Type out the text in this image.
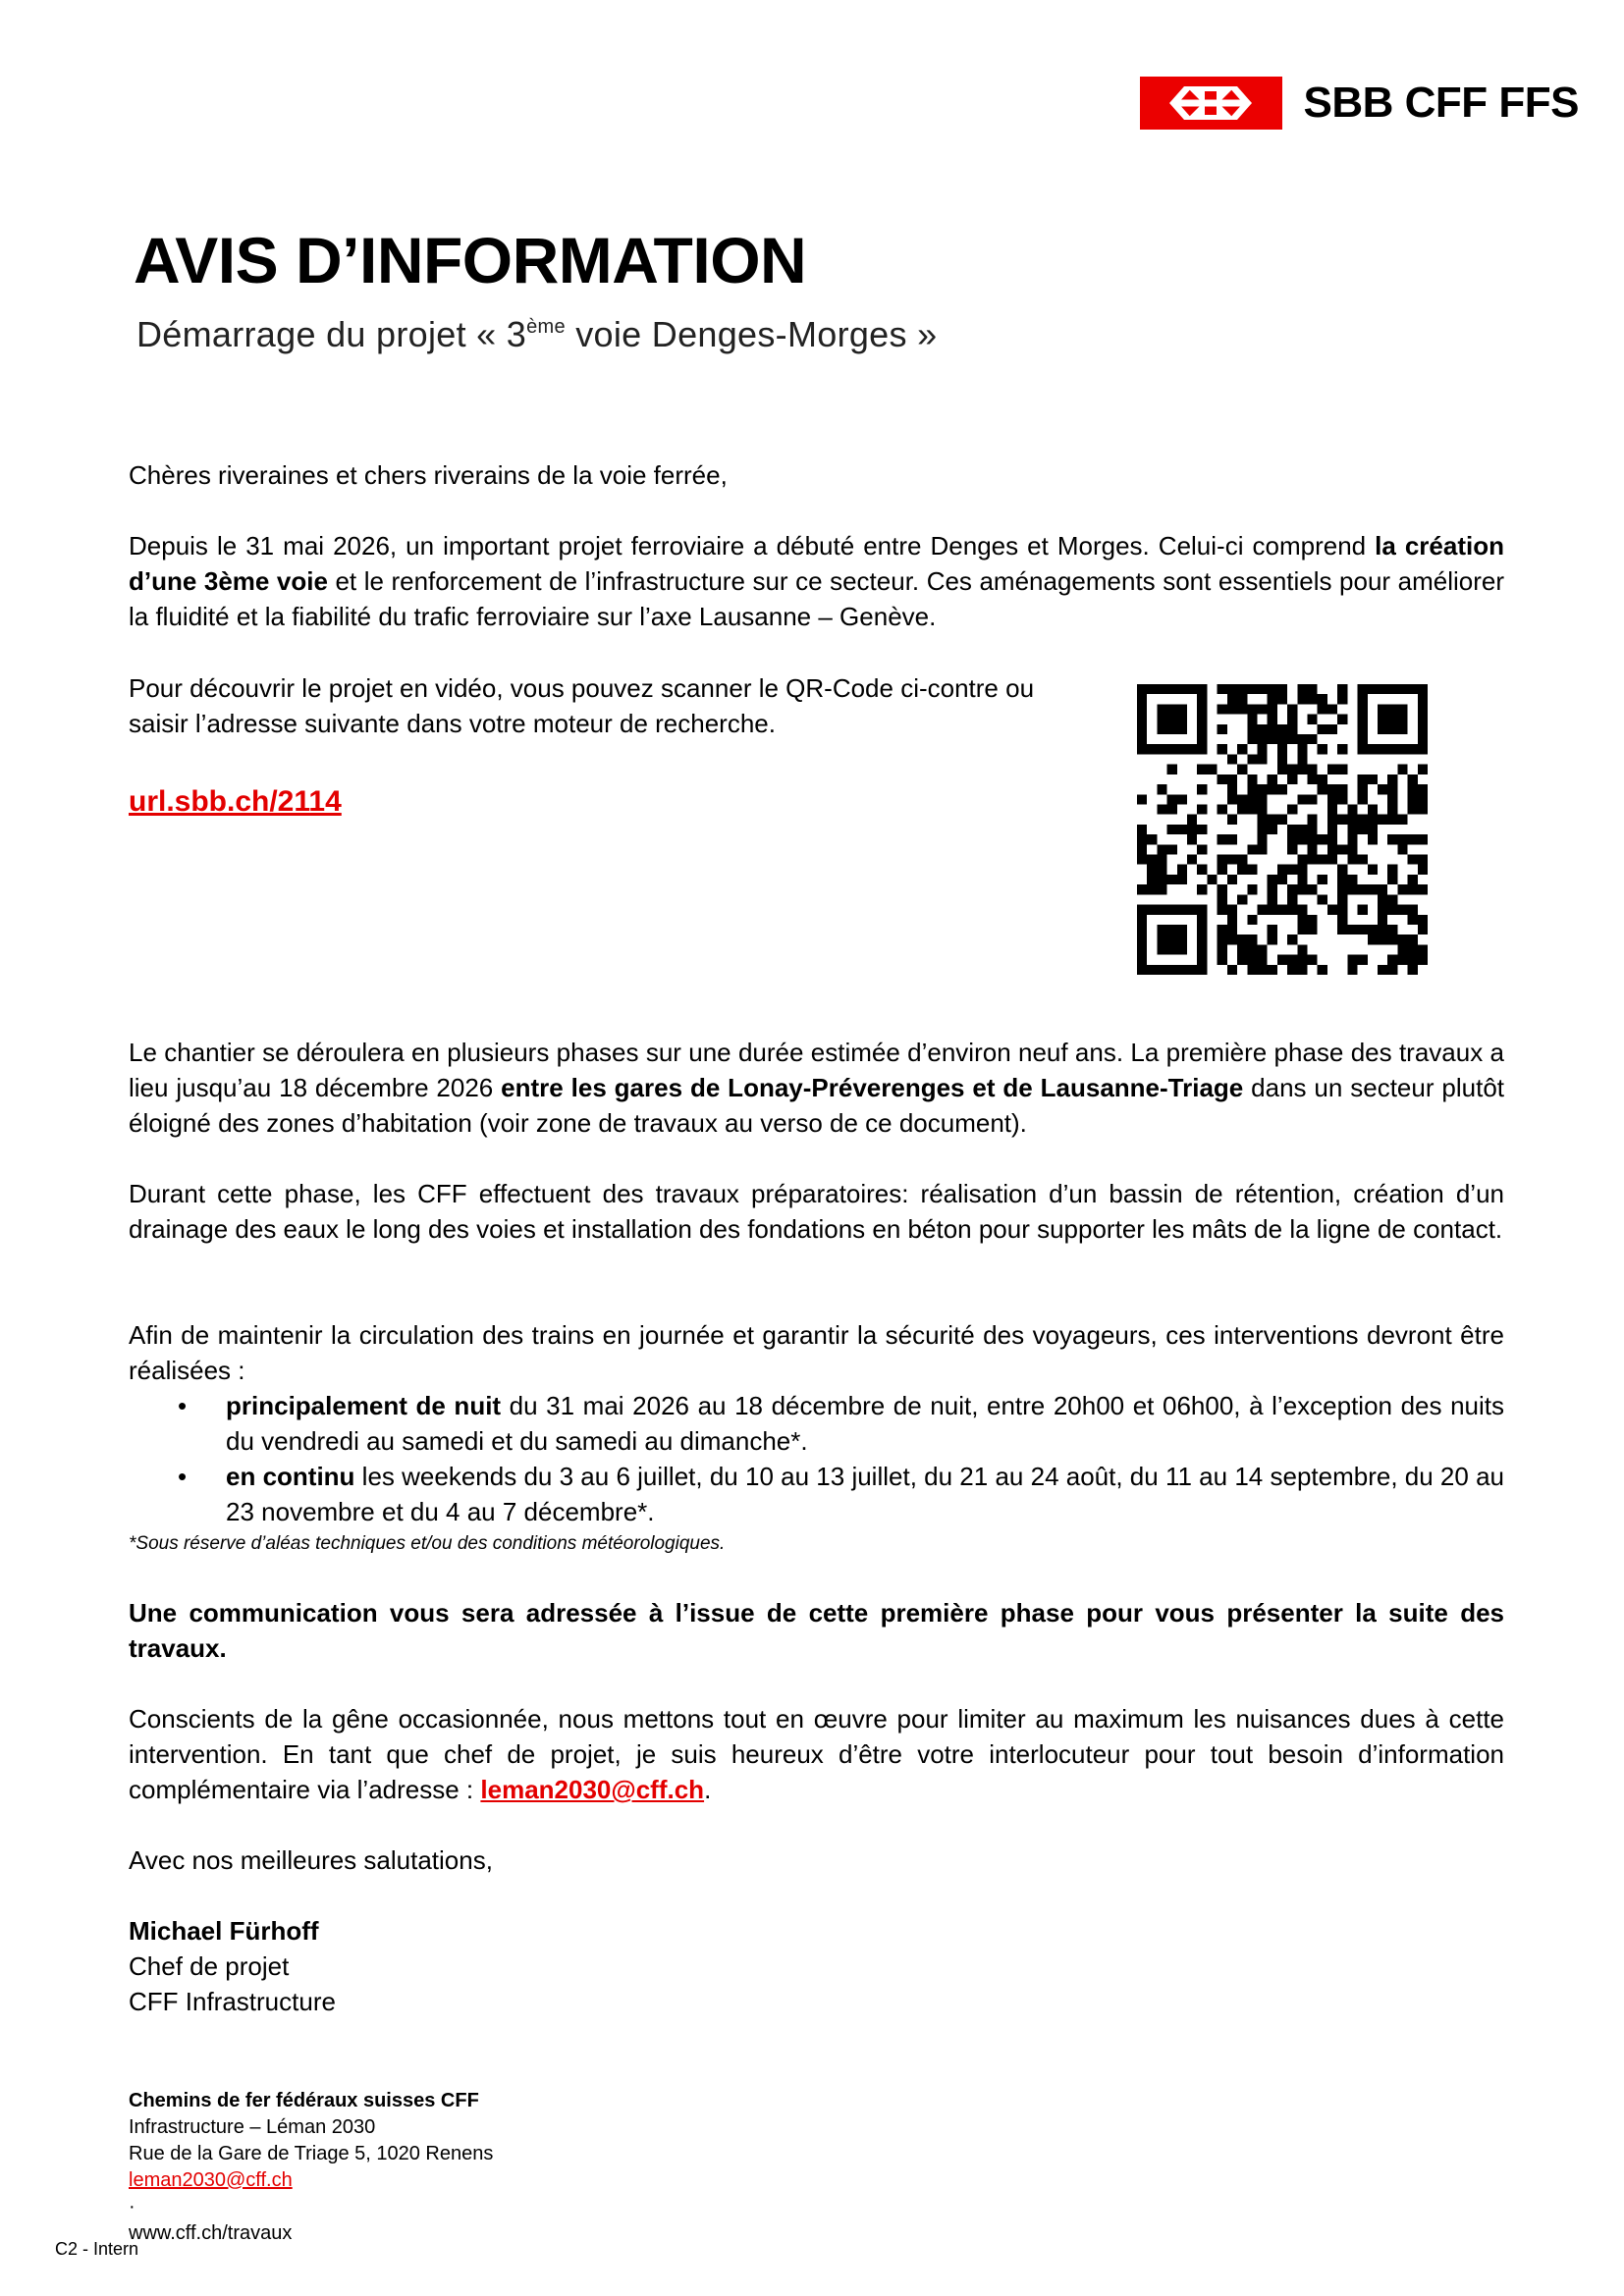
SBB CFF FFS
AVIS D’INFORMATION
Démarrage du projet « 3ème voie Denges-Morges »

Chères riveraines et chers riverains de la voie ferrée,

Depuis le 31 mai 2026, un important projet ferroviaire a débuté entre Denges et Morges. Celui-ci comprend la création d’une 3ème voie et le renforcement de l’infrastructure sur ce secteur. Ces aménagements sont essentiels pour améliorer la fluidité et la fiabilité du trafic ferroviaire sur l’axe Lausanne – Genève.

Pour découvrir le projet en vidéo, vous pouvez scanner le QR-Code ci-contre ou saisir l’adresse suivante dans votre moteur de recherche.

url.sbb.ch/2114

Le chantier se déroulera en plusieurs phases sur une durée estimée d’environ neuf ans. La première phase des travaux a lieu jusqu’au 18 décembre 2026 entre les gares de Lonay-Préverenges et de Lausanne-Triage dans un secteur plutôt éloigné des zones d’habitation (voir zone de travaux au verso de ce document).

Durant cette phase, les CFF effectuent des travaux préparatoires: réalisation d’un bassin de rétention, création d’un drainage des eaux le long des voies et installation des fondations en béton pour supporter les mâts de la ligne de contact.

Afin de maintenir la circulation des trains en journée et garantir la sécurité des voyageurs, ces interventions devront être réalisées :

• principalement de nuit du 31 mai 2026 au 18 décembre de nuit, entre 20h00 et 06h00, à l’exception des nuits du vendredi au samedi et du samedi au dimanche*.
• en continu les weekends du 3 au 6 juillet, du 10 au 13 juillet, du 21 au 24 août, du 11 au 14 septembre, du 20 au 23 novembre et du 4 au 7 décembre*.

*Sous réserve d’aléas techniques et/ou des conditions météorologiques.

Une communication vous sera adressée à l’issue de cette première phase pour vous présenter la suite des travaux.

Conscients de la gêne occasionnée, nous mettons tout en œuvre pour limiter au maximum les nuisances dues à cette intervention. En tant que chef de projet, je suis heureux d’être votre interlocuteur pour tout besoin d’information complémentaire via l’adresse : leman2030@cff.ch.

Avec nos meilleures salutations,

Michael Fürhoff
Chef de projet
CFF Infrastructure

Chemins de fer fédéraux suisses CFF
Infrastructure – Léman 2030
Rue de la Gare de Triage 5, 1020 Renens
leman2030@cff.ch
·
www.cff.ch/travaux
C2 - Intern
